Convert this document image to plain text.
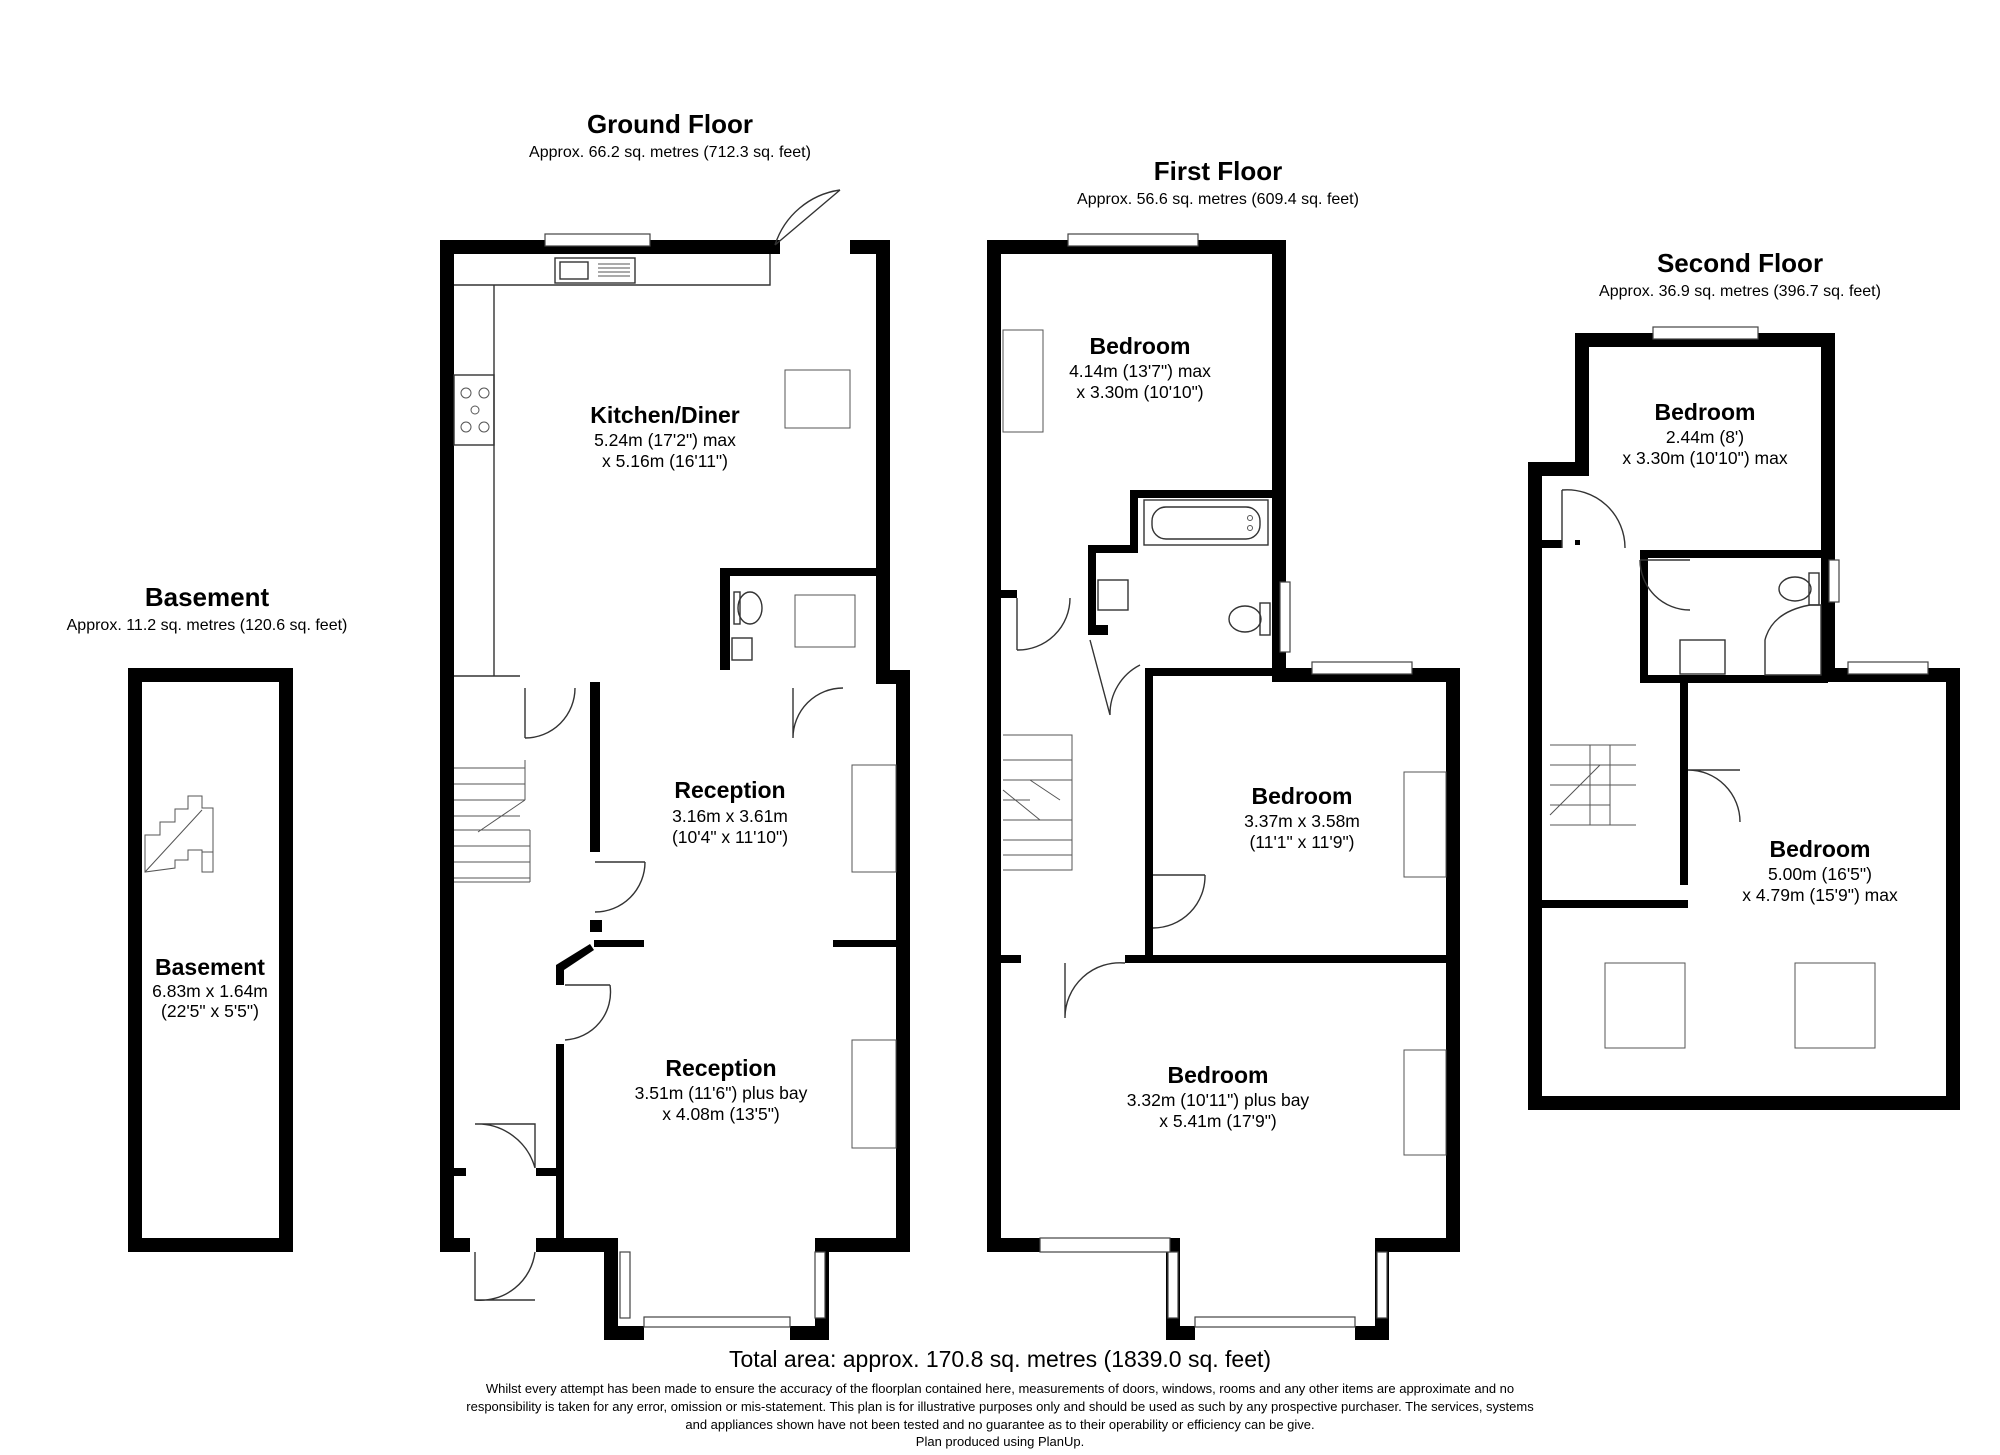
Basement
Approx. 11.2 sq. metres (120.6 sq. feet)
Ground Floor
Approx. 66.2 sq. metres (712.3 sq. feet)
First Floor
Approx. 56.6 sq. metres (609.4 sq. feet)
Second Floor
Approx. 36.9 sq. metres (396.7 sq. feet)
Basement
6.83m x 1.64m
(22'5" x 5'5")
Kitchen/Diner
5.24m (17'2") max
x 5.16m (16'11")
Reception
3.16m x 3.61m
(10'4" x 11'10")
Reception
3.51m (11'6") plus bay
x 4.08m (13'5")
Bedroom
4.14m (13'7") max
x 3.30m (10'10")
Bedroom
3.37m x 3.58m
(11'1" x 11'9")
Bedroom
3.32m (10'11") plus bay
x 5.41m (17'9")
Bedroom
2.44m (8')
x 3.30m (10'10") max
Bedroom
5.00m (16'5")
x 4.79m (15'9") max
Total area: approx. 170.8 sq. metres (1839.0 sq. feet)
Whilst every attempt has been made to ensure the accuracy of the floorplan contained here, measurements of doors, windows, rooms and any other items are approximate and no
responsibility is taken for any error, omission or mis-statement. This plan is for illustrative purposes only and should be used as such by any prospective purchaser. The services, systems
and appliances shown have not been tested and no guarantee as to their operability or efficiency can be give.
Plan produced using PlanUp.
